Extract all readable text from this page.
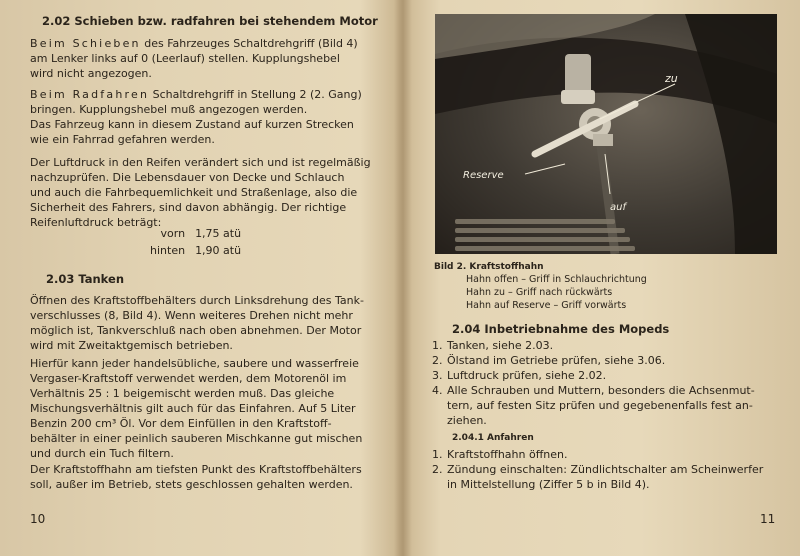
2.02 Schieben bzw. radfahren bei stehendem Motor
Beim Schieben des Fahrzeuges Schaltdrehgriff (Bild 4)
am Lenker links auf 0 (Leerlauf) stellen. Kupplungshebel
wird nicht angezogen.
Beim Radfahren Schaltdrehgriff in Stellung 2 (2. Gang)
bringen. Kupplungshebel muß angezogen werden.
Das Fahrzeug kann in diesem Zustand auf kurzen Strecken
wie ein Fahrrad gefahren werden.
Der Luftdruck in den Reifen verändert sich und ist regelmäßig
nachzuprüfen. Die Lebensdauer von Decke und Schlauch
und auch die Fahrbequemlichkeit und Straßenlage, also die
Sicherheit des Fahrers, sind davon abhängig. Der richtige
Reifenluftdruck beträgt:
vorn	1,75 atü
hinten	1,90 atü
2.03 Tanken
Öffnen des Kraftstoffbehälters durch Linksdrehung des Tank-
verschlusses (8, Bild 4). Wenn weiteres Drehen nicht mehr
möglich ist, Tankverschluß nach oben abnehmen. Der Motor
wird mit Zweitaktgemisch betrieben.
Hierfür kann jeder handelsübliche, saubere und wasserfreie
Vergaser-Kraftstoff verwendet werden, dem Motorenöl im
Verhältnis 25 : 1 beigemischt werden muß. Das gleiche
Mischungsverhältnis gilt auch für das Einfahren. Auf 5 Liter
Benzin 200 cm³ Öl. Vor dem Einfüllen in den Kraftstoff-
behälter in einer peinlich sauberen Mischkanne gut mischen
und durch ein Tuch filtern.
Der Kraftstoffhahn am tiefsten Punkt des Kraftstoffbehälters
soll, außer im Betrieb, stets geschlossen gehalten werden.
10
zu
Reserve
auf
Bild 2. Kraftstoffhahn
Hahn offen – Griff in Schlauchrichtung
Hahn zu – Griff nach rückwärts
Hahn auf Reserve – Griff vorwärts
2.04 Inbetriebnahme des Mopeds
1. Tanken, siehe 2.03.
2. Ölstand im Getriebe prüfen, siehe 3.06.
3. Luftdruck prüfen, siehe 2.02.
4. Alle Schrauben und Muttern, besonders die Achsenmut-
tern, auf festen Sitz prüfen und gegebenenfalls fest an-
ziehen.
2.04.1 Anfahren
1. Kraftstoffhahn öffnen.
2. Zündung einschalten: Zündlichtschalter am Scheinwerfer
in Mittelstellung (Ziffer 5 b in Bild 4).
11
